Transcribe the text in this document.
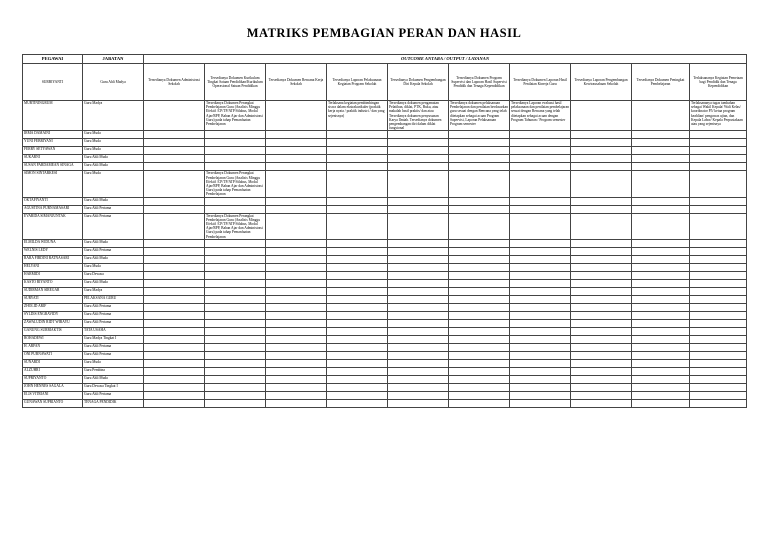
MATRIKS PEMBAGIAN PERAN DAN HASIL
PEGAWAI	JABATAN	OUTCOME ANTARA / OUTPUT / LAYANAN									
SURBIYANTI	Guru Ahli Madya	Tersedianya Dokumen Administrasi Sekolah	Tersedianya Dokumen Kurikulum Tingkat Satuan Pendidikan/Kurikulum Operasional Satuan Pendidikan	Tersedianya Dokumen Rencana Kerja Sekolah	Tersedianya Laporan Pelaksanaan Kegiatan Program Sekolah	Tersedianya Dokumen Pengembangan Diri Kepala Sekolah	Tersedianya Dokumen Program Supervisi dan Laporan Hasil Supervisi Pendidik dan Tenaga Kependidikan	Tersedianya Dokumen Laporan Hasil Penilaian Kinerja Guru	Tersedianya Laporan Pengembangan Kewirausahaan Sekolah	Tersedianya Dokumen Peningkat Pembelajaran	Terlaksananya Kegiatan Pemetaan bagi Pendidik dan Tenaga Kependidikan
MURTININGRUM	Guru Madya		Tersedianya Dokumen Perangkat Pembelajaran Guru (Analisis Minggu Efektif /CP/TP/ATP/Silabus, Modul Ajar/RPP, Bahan Ajar dan Administrasi Guru) pada tahap Pemanfaatan Pembelajaran		Terlaksana kegiatan pembimbingan siswa dalam ekstrakurikuler (praktik kerja nyata / praktik industri / dan yang sejenisnya)	Tersedianya dokumen pengamatan Pelatihan, diklat, PTK, Buku, atau makalah hasil praktis/ dan atau Tersedianya dokumen penyusunan Karya Ilmiah. Tersedianya dokumen pengembangan diri dalam diklat fungsional	Tersedianya dokumen pelaksanaan Pembelajaran dan penilaian berdasarkan guru sesuai dengan Rencana yang telah ditetapkan sebagai acuan Program Supervisi, Laporan Pelaksanaan Program semester	Tersedianya Laporan evaluasi hasil pelaksanaan dan penilaian pembelajaran sesuai dengan Rencana yang telah ditetapkan sebagai acuan dengan Program Tahunan / Program semester			Terlaksananya tugas tambahan sebagai Wakil Kepala/ Wali Kelas/ koordinator P5/ ketua program keahlian/ pengawas ujian, dan Kepala Labor/ Kepala Perpustakaan atau yang sejenisnya
IRMA DAMAINI	Guru Muda										
YUNI FEBRIYANI	Guru Muda										
FERRY SETYAWAN	Guru Muda										
SUKARNI	Guru Ahli Muda										
SUSAN PARDAMEAN SINAGA	Guru Ahli Muda										
SIMON SINTARKESI	Guru Muda		Tersedianya Dokumen Perangkat Pembelajaran Guru (Analisis Minggu Efektif /CP/TP/ATP/Silabus, Modul Ajar/RPP, Bahan Ajar dan Administrasi Guru) pada tahap Pemanfaatan Pembelajaran								
OKTAFIYANTI	Guru Ahli Muda										
AGUSTINA PURNAMASARI	Guru Ahli Pertama										
EVARIDA SIMANJUNTAK	Guru Ahli Pertama		Tersedianya Dokumen Perangkat Pembelajaran Guru (Analisis Minggu Efektif /CP/TP/ATP/Silabus, Modul Ajar/RPP, Bahan Ajar dan Administrasi Guru) pada tahap Pemanfaatan Pembelajaran								
ELMILDA WIDUNA	Guru Ahli Muda										
WELNIS LEDY	Guru Ahli Pertama										
RARA FIRDINI RATNASARI	Guru Ahli Muda										
HELYANI	Guru Muda										
HARMIDI	Guru Dewasa										
KASTO RIYANTO	Guru Ahli Muda										
SUDIRMAN SIREGAR	Guru Madya										
SURYATI	PELAKSANA GURU										
ZHOLID ARIF	Guru Ahli Pertama										
SYLDIS ENGRAVIDY	Guru Ahli Pertama										
ZAWALUDIN RIDT WIRAYU	Guru Ahli Pertama										
GANUNG SURBIAKTIS	TATA USAHA										
ROHADEWI	Guru Madya Tingkat I										
H. ARFAN	Guru Ahli Pertama										
ONI PURNAWATI	Guru Ahli Pertama										
SUNARDI	Guru Muda										
ALZUHRI	Guru Pembina										
SUPRIYANTO	Guru Ahli Muda										
JOHN HENNES SAGALA	Guru Dewasa Tingkat I										
ELIS VITRIANI	Guru Ahli Pertama										
GUNAWAN SUPRIANTO	TENAGA PENDIDIK										
